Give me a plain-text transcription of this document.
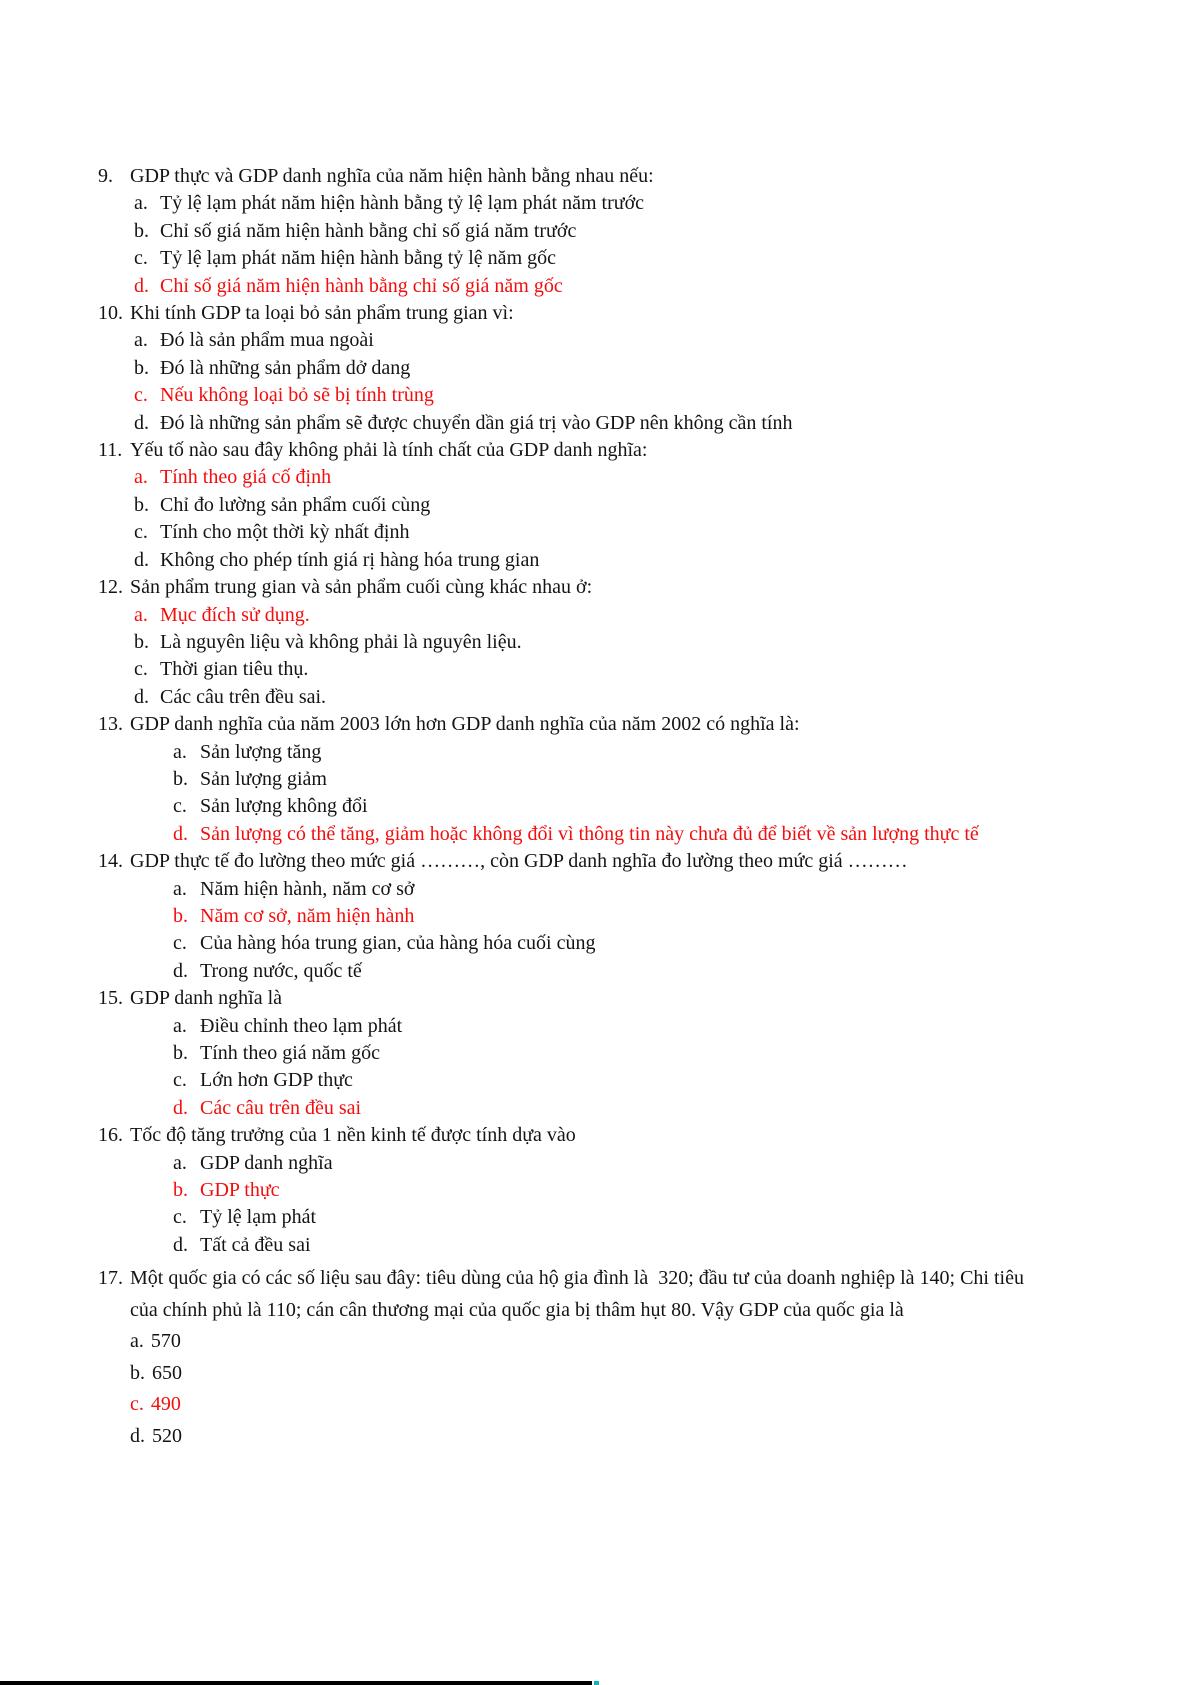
9. GDP thực và GDP danh nghĩa của năm hiện hành bằng nhau nếu:
a. Tỷ lệ lạm phát năm hiện hành bằng tỷ lệ lạm phát năm trước
b. Chỉ số giá năm hiện hành bằng chỉ số giá năm trước
c. Tỷ lệ lạm phát năm hiện hành bằng tỷ lệ năm gốc
d. Chỉ số giá năm hiện hành bằng chỉ số giá năm gốc
10. Khi tính GDP ta loại bỏ sản phẩm trung gian vì:
a. Đó là sản phẩm mua ngoài
b. Đó là những sản phẩm dở dang
c. Nếu không loại bỏ sẽ bị tính trùng
d. Đó là những sản phẩm sẽ được chuyển dần giá trị vào GDP nên không cần tính
11. Yếu tố nào sau đây không phải là tính chất của GDP danh nghĩa:
a. Tính theo giá cố định
b. Chỉ đo lường sản phẩm cuối cùng
c. Tính cho một thời kỳ nhất định
d. Không cho phép tính giá rị hàng hóa trung gian
12. Sản phẩm trung gian và sản phẩm cuối cùng khác nhau ở:
a. Mục đích sử dụng.
b. Là nguyên liệu và không phải là nguyên liệu.
c. Thời gian tiêu thụ.
d. Các câu trên đều sai.
13. GDP danh nghĩa của năm 2003 lớn hơn GDP danh nghĩa của năm 2002 có nghĩa là:
a. Sản lượng tăng
b. Sản lượng giảm
c. Sản lượng không đổi
d. Sản lượng có thể tăng, giảm hoặc không đổi vì thông tin này chưa đủ để biết về sản lượng thực tế
14. GDP thực tế đo lường theo mức giá ………, còn GDP danh nghĩa đo lường theo mức giá ………
a. Năm hiện hành, năm cơ sở
b. Năm cơ sở, năm hiện hành
c. Của hàng hóa trung gian, của hàng hóa cuối cùng
d. Trong nước, quốc tế
15. GDP danh nghĩa là
a. Điều chỉnh theo lạm phát
b. Tính theo giá năm gốc
c. Lớn hơn GDP thực
d. Các câu trên đều sai
16. Tốc độ tăng trưởng của 1 nền kinh tế được tính dựa vào
a. GDP danh nghĩa
b. GDP thực
c. Tỷ lệ lạm phát
d. Tất cả đều sai
17. Một quốc gia có các số liệu sau đây: tiêu dùng của hộ gia đình là  320; đầu tư của doanh nghiệp là 140; Chi tiêu của chính phủ là 110; cán cân thương mại của quốc gia bị thâm hụt 80. Vậy GDP của quốc gia là
a. 570
b. 650
c. 490
d. 520
